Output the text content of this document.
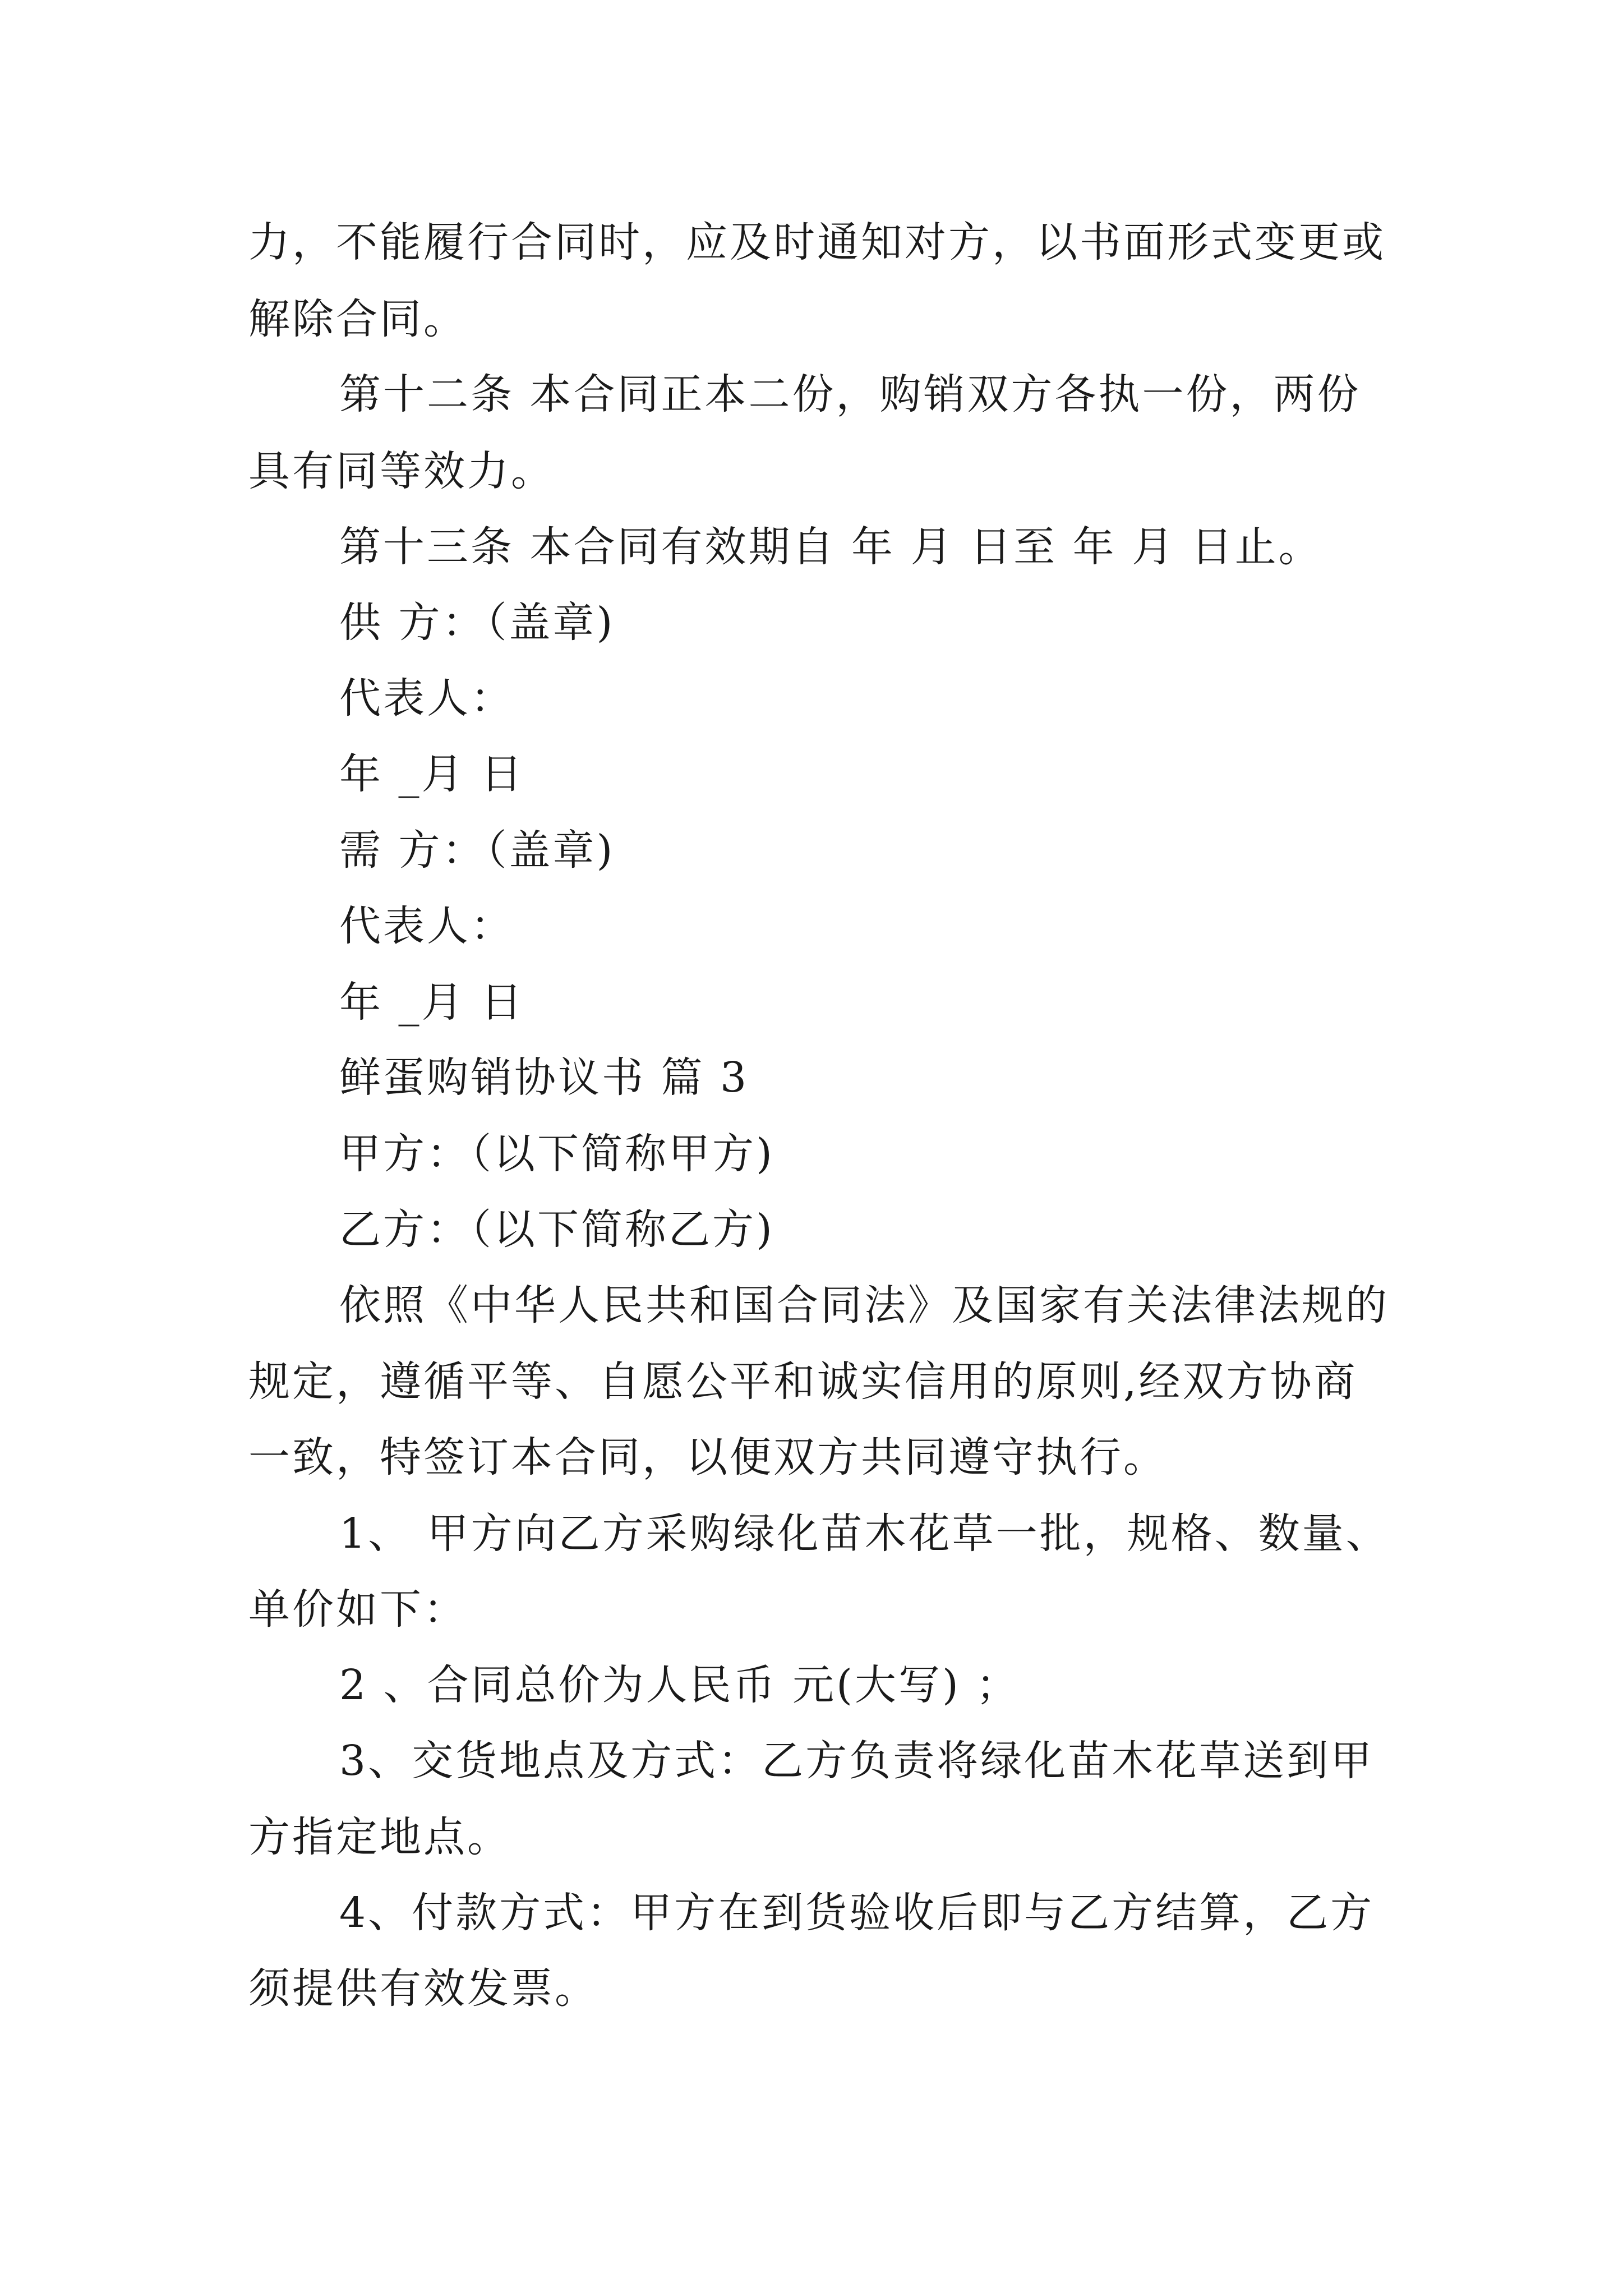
力，不能履行合同时，应及时通知对方，以书面形式变更或
解除合同。
第十二条 本合同正本二份，购销双方各执一份，两份
具有同等效力。
第十三条 本合同有效期自 年 月 日至 年 月 日止。
供 方：（盖章)
代表人：
年 _月 日
需 方：（盖章)
代表人：
年 _月 日
鲜蛋购销协议书 篇 3
甲方：（以下简称甲方)
乙方：（以下简称乙方)
依照《中华人民共和国合同法》及国家有关法律法规的
规定，遵循平等、自愿公平和诚实信用的原则,经双方协商
一致，特签订本合同，以便双方共同遵守执行。
1、 甲方向乙方采购绿化苗木花草一批，规格、数量、
单价如下：
2 、合同总价为人民币 元(大写) ；
3、交货地点及方式：乙方负责将绿化苗木花草送到甲
方指定地点。
4、付款方式：甲方在到货验收后即与乙方结算，乙方
须提供有效发票。
